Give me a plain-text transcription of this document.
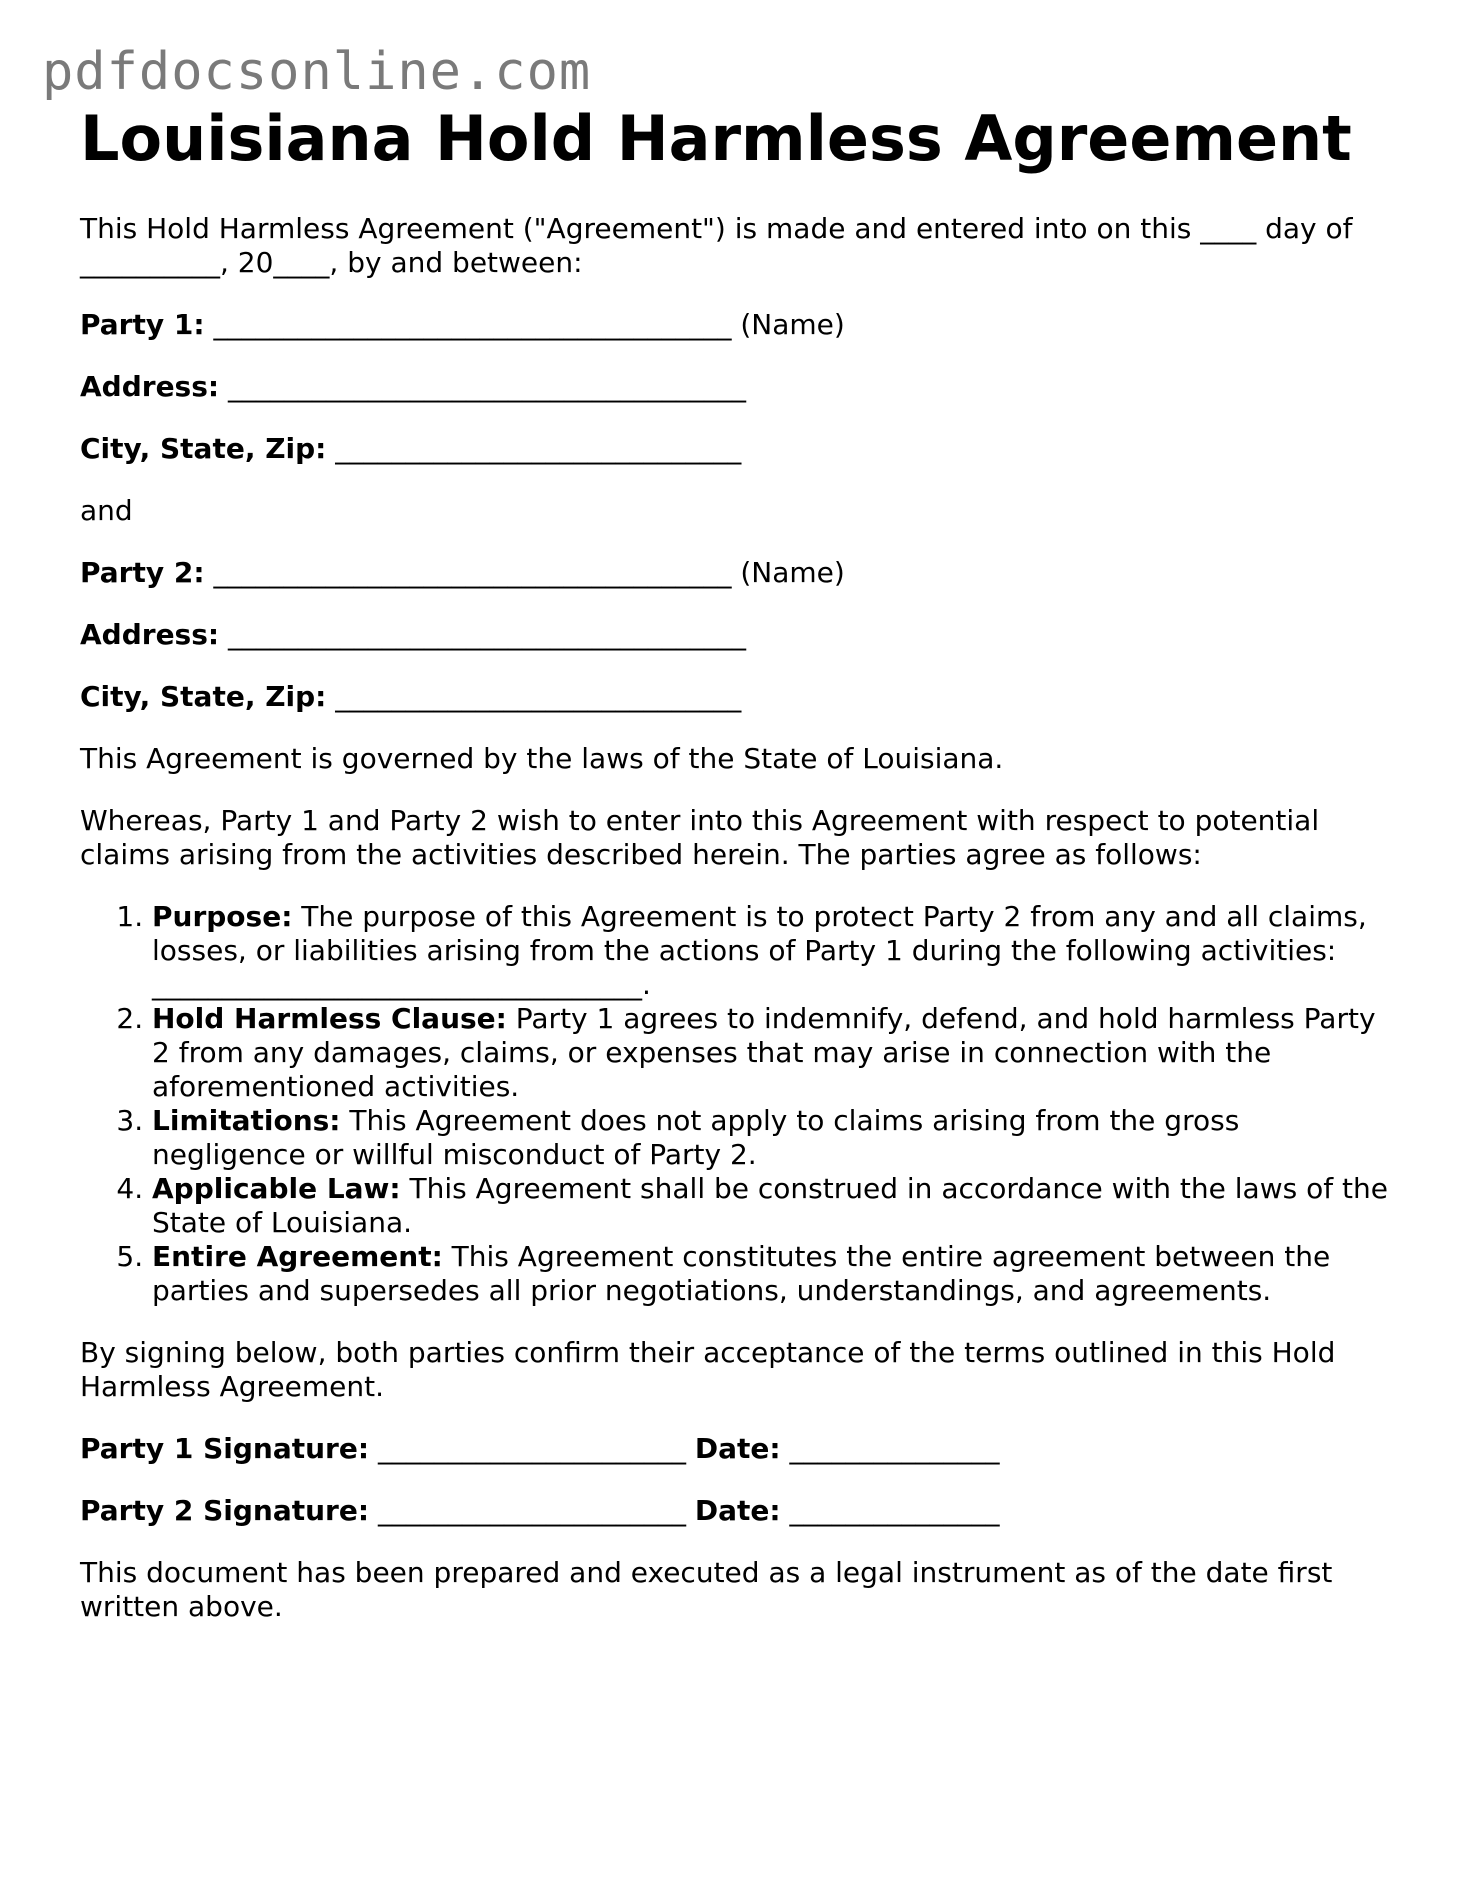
pdfdocsonline.com
Louisiana Hold Harmless Agreement

This Hold Harmless Agreement ("Agreement") is made and entered into on this ____ day of __________, 20____, by and between:

Party 1: _____________________________________ (Name)
Address: _____________________________________
City, State, Zip: _____________________________

and

Party 2: _____________________________________ (Name)
Address: _____________________________________
City, State, Zip: _____________________________

This Agreement is governed by the laws of the State of Louisiana.

Whereas, Party 1 and Party 2 wish to enter into this Agreement with respect to potential claims arising from the activities described herein. The parties agree as follows:

1. Purpose: The purpose of this Agreement is to protect Party 2 from any and all claims, losses, or liabilities arising from the actions of Party 1 during the following activities: ___________________________________.
2. Hold Harmless Clause: Party 1 agrees to indemnify, defend, and hold harmless Party 2 from any damages, claims, or expenses that may arise in connection with the aforementioned activities.
3. Limitations: This Agreement does not apply to claims arising from the gross negligence or willful misconduct of Party 2.
4. Applicable Law: This Agreement shall be construed in accordance with the laws of the State of Louisiana.
5. Entire Agreement: This Agreement constitutes the entire agreement between the parties and supersedes all prior negotiations, understandings, and agreements.

By signing below, both parties confirm their acceptance of the terms outlined in this Hold Harmless Agreement.

Party 1 Signature: ______________________ Date: _______________
Party 2 Signature: ______________________ Date: _______________

This document has been prepared and executed as a legal instrument as of the date first written above.
